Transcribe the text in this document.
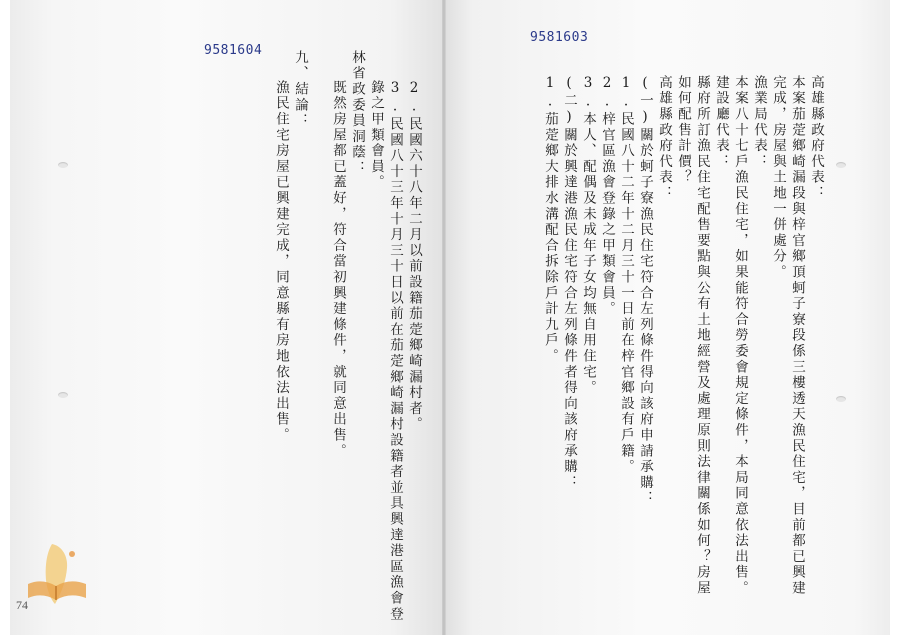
9581604
9581603
高雄縣政府代表：
本案茄萣鄉崎漏段與梓官鄉頂蚵子寮段係三樓透天漁民住宅，目前都已興建
完成，房屋與土地一併處分。
漁業局代表：
本案八十七戶漁民住宅，如果能符合勞委會規定條件，本局同意依法出售。
建設廳代表：
縣府所訂漁民住宅配售要點與公有土地經營及處理原則法律關係如何？房屋
如何配售計價？
高雄縣政府代表：
(一)關於蚵子寮漁民住宅符合左列條件得向該府申請承購：
1.民國八十二年十二月三十一日前在梓官鄉設有戶籍。
2.梓官區漁會登錄之甲類會員。
3.本人、配偶及未成年子女均無自用住宅。
(二)關於興達港漁民住宅符合左列條件者得向該府承購：
1.茄萣鄉大排水溝配合拆除戶計九戶。
2.民國六十八年二月以前設籍茄萣鄉崎漏村者。
3.民國八十三年十月三十日以前在茄萣鄉崎漏村設籍者並具興達港區漁會登
錄之甲類會員。
林省政委員洞蔭：
既然房屋都已蓋好，符合當初興建條件，就同意出售。
九、結論：
漁民住宅房屋已興建完成，同意縣有房地依法出售。
74
